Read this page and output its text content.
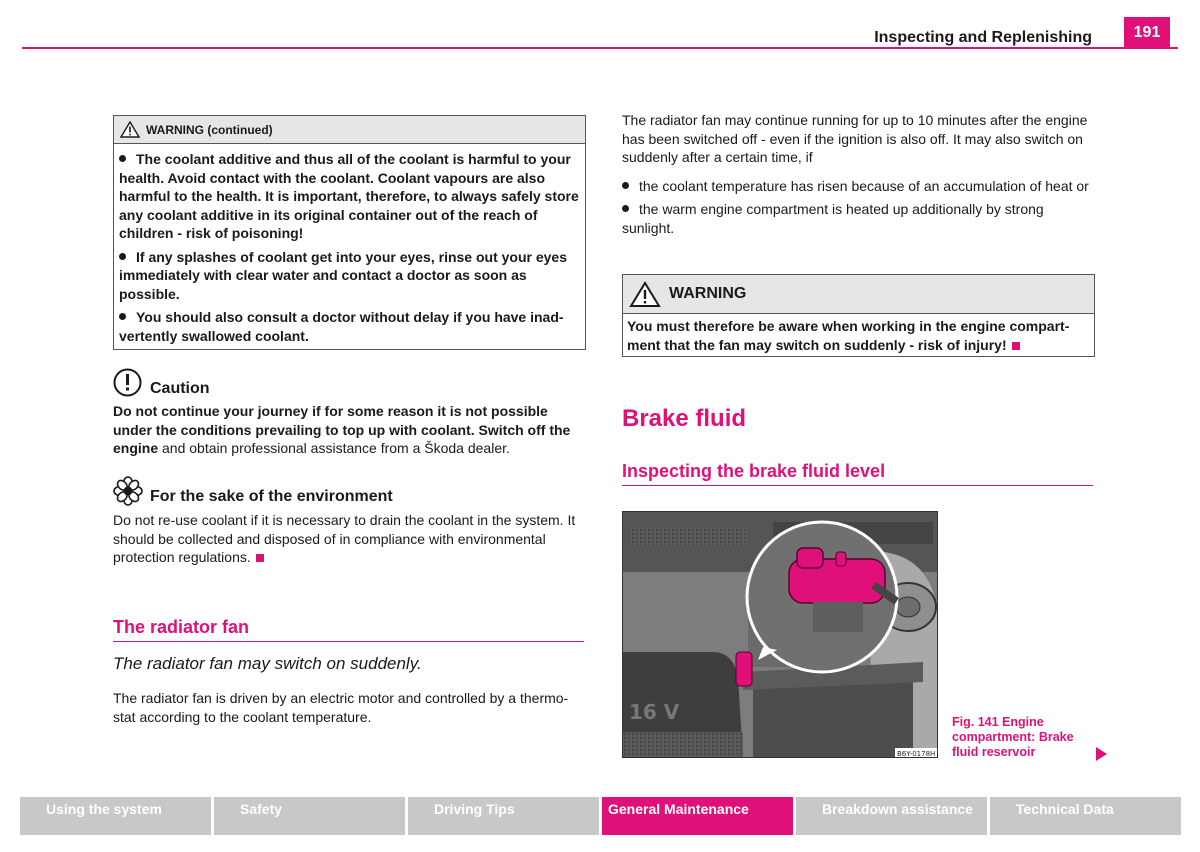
Inspecting and Replenishing	191
WARNING (continued)

The coolant additive and thus all of the coolant is harmful to your health. Avoid contact with the coolant. Coolant vapours are also harmful to the health. It is important, therefore, to always safely store any coolant additive in its original container out of the reach of children - risk of poisoning!

If any splashes of coolant get into your eyes, rinse out your eyes immediately with clear water and contact a doctor as soon as possible.

You should also consult a doctor without delay if you have inad-vertently swallowed coolant.

Caution

Do not continue your journey if for some reason it is not possible under the conditions prevailing to top up with coolant. Switch off the engine and obtain professional assistance from a Škoda dealer.

For the sake of the environment

Do not re-use coolant if it is necessary to drain the coolant in the system. It should be collected and disposed of in compliance with environmental protection regulations.

The radiator fan
The radiator fan may switch on suddenly.

The radiator fan is driven by an electric motor and controlled by a thermo-stat according to the coolant temperature.

The radiator fan may continue running for up to 10 minutes after the engine has been switched off - even if the ignition is also off. It may also switch on suddenly after a certain time, if

the coolant temperature has risen because of an accumulation of heat or

the warm engine compartment is heated up additionally by strong sunlight.

WARNING

You must therefore be aware when working in the engine compart-ment that the fan may switch on suddenly - risk of injury!

Brake fluid
Inspecting the brake fluid level
16 V
B6Y-0178H
Fig. 141 Engine compartment: Brake fluid reservoir
Using the system	Safety	Driving Tips	General Maintenance	Breakdown assistance	Technical Data
